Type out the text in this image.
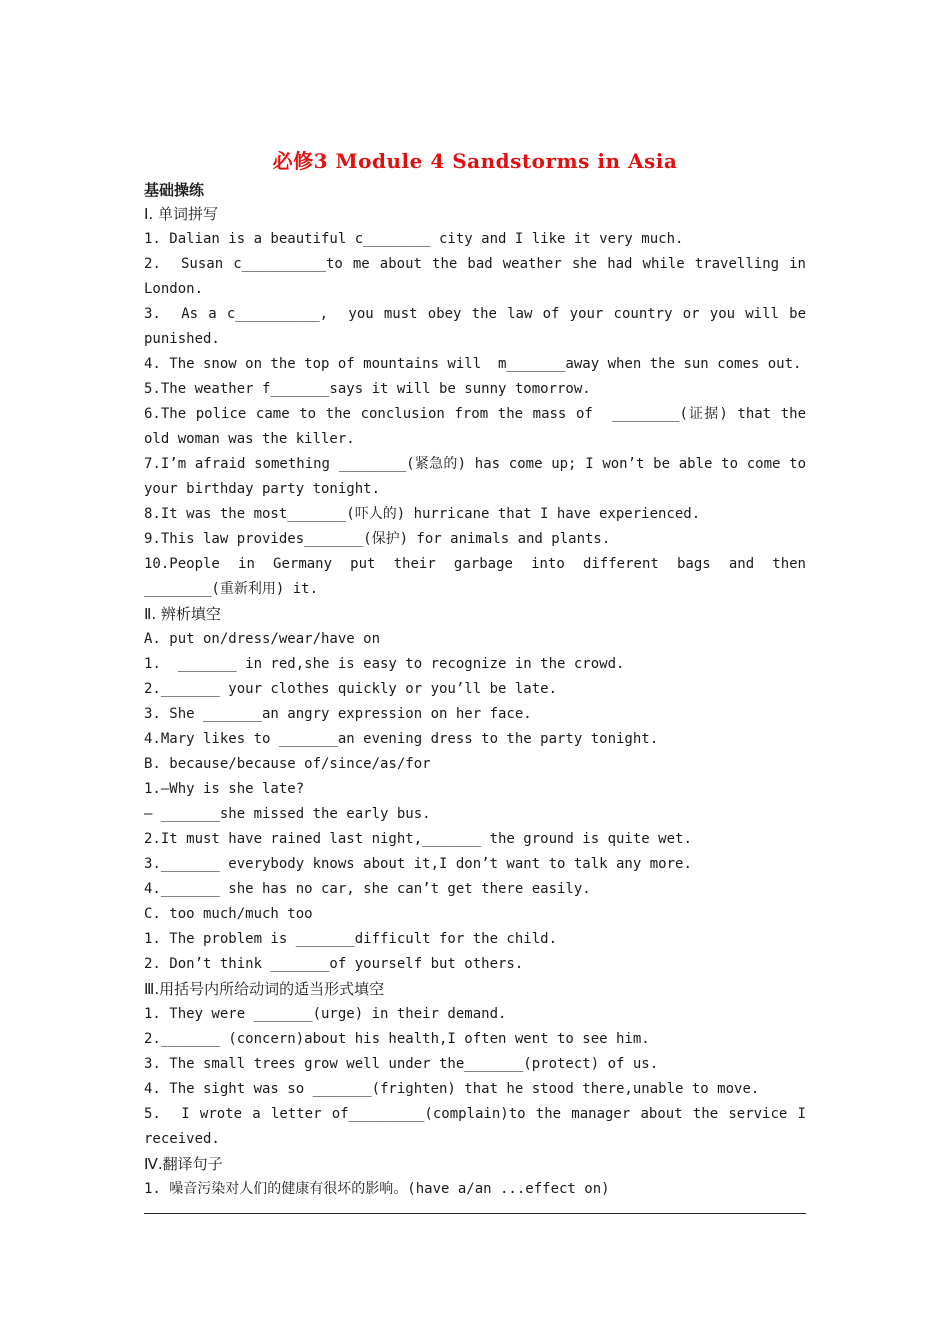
必修3 Module 4 Sandstorms in Asia
基础操练
Ⅰ. 单词拼写
1. Dalian is a beautiful c________ city and I like it very much.
2.  Susan c__________to me about the bad weather she had while travelling in London.
3.  As a c__________,  you must obey the law of your country or you will be punished.
4. The snow on the top of mountains will  m_______away when the sun comes out.
5.The weather f_______says it will be sunny tomorrow.
6.The police came to the conclusion from the mass of  ________(证据) that the old woman was the killer.
7.I’m afraid something ________(紧急的) has come up; I won’t be able to come to your birthday party tonight.
8.It was the most_______(吓人的) hurricane that I have experienced.
9.This law provides_______(保护) for animals and plants.
10.People in Germany put their garbage into different bags and then ________(重新利用) it.
Ⅱ. 辨析填空
A. put on/dress/wear/have on
1.  _______ in red,she is easy to recognize in the crowd.
2._______ your clothes quickly or you’ll be late.
3. She _______an angry expression on her face.
4.Mary likes to _______an evening dress to the party tonight.
B. because/because of/since/as/for
1.—Why is she late?
— _______she missed the early bus.
2.It must have rained last night,_______ the ground is quite wet.
3._______ everybody knows about it,I don’t want to talk any more.
4._______ she has no car, she can’t get there easily.
C. too much/much too
1. The problem is _______difficult for the child.
2. Don’t think _______of yourself but others.
Ⅲ.用括号内所给动词的适当形式填空
1. They were _______(urge) in their demand.
2._______ (concern)about his health,I often went to see him.
3. The small trees grow well under the_______(protect) of us.
4. The sight was so _______(frighten) that he stood there,unable to move.
5.  I wrote a letter of_________(complain)to the manager about the service I received.
Ⅳ.翻译句子
1. 噪音污染对人们的健康有很坏的影响。(have a/an ...effect on)
